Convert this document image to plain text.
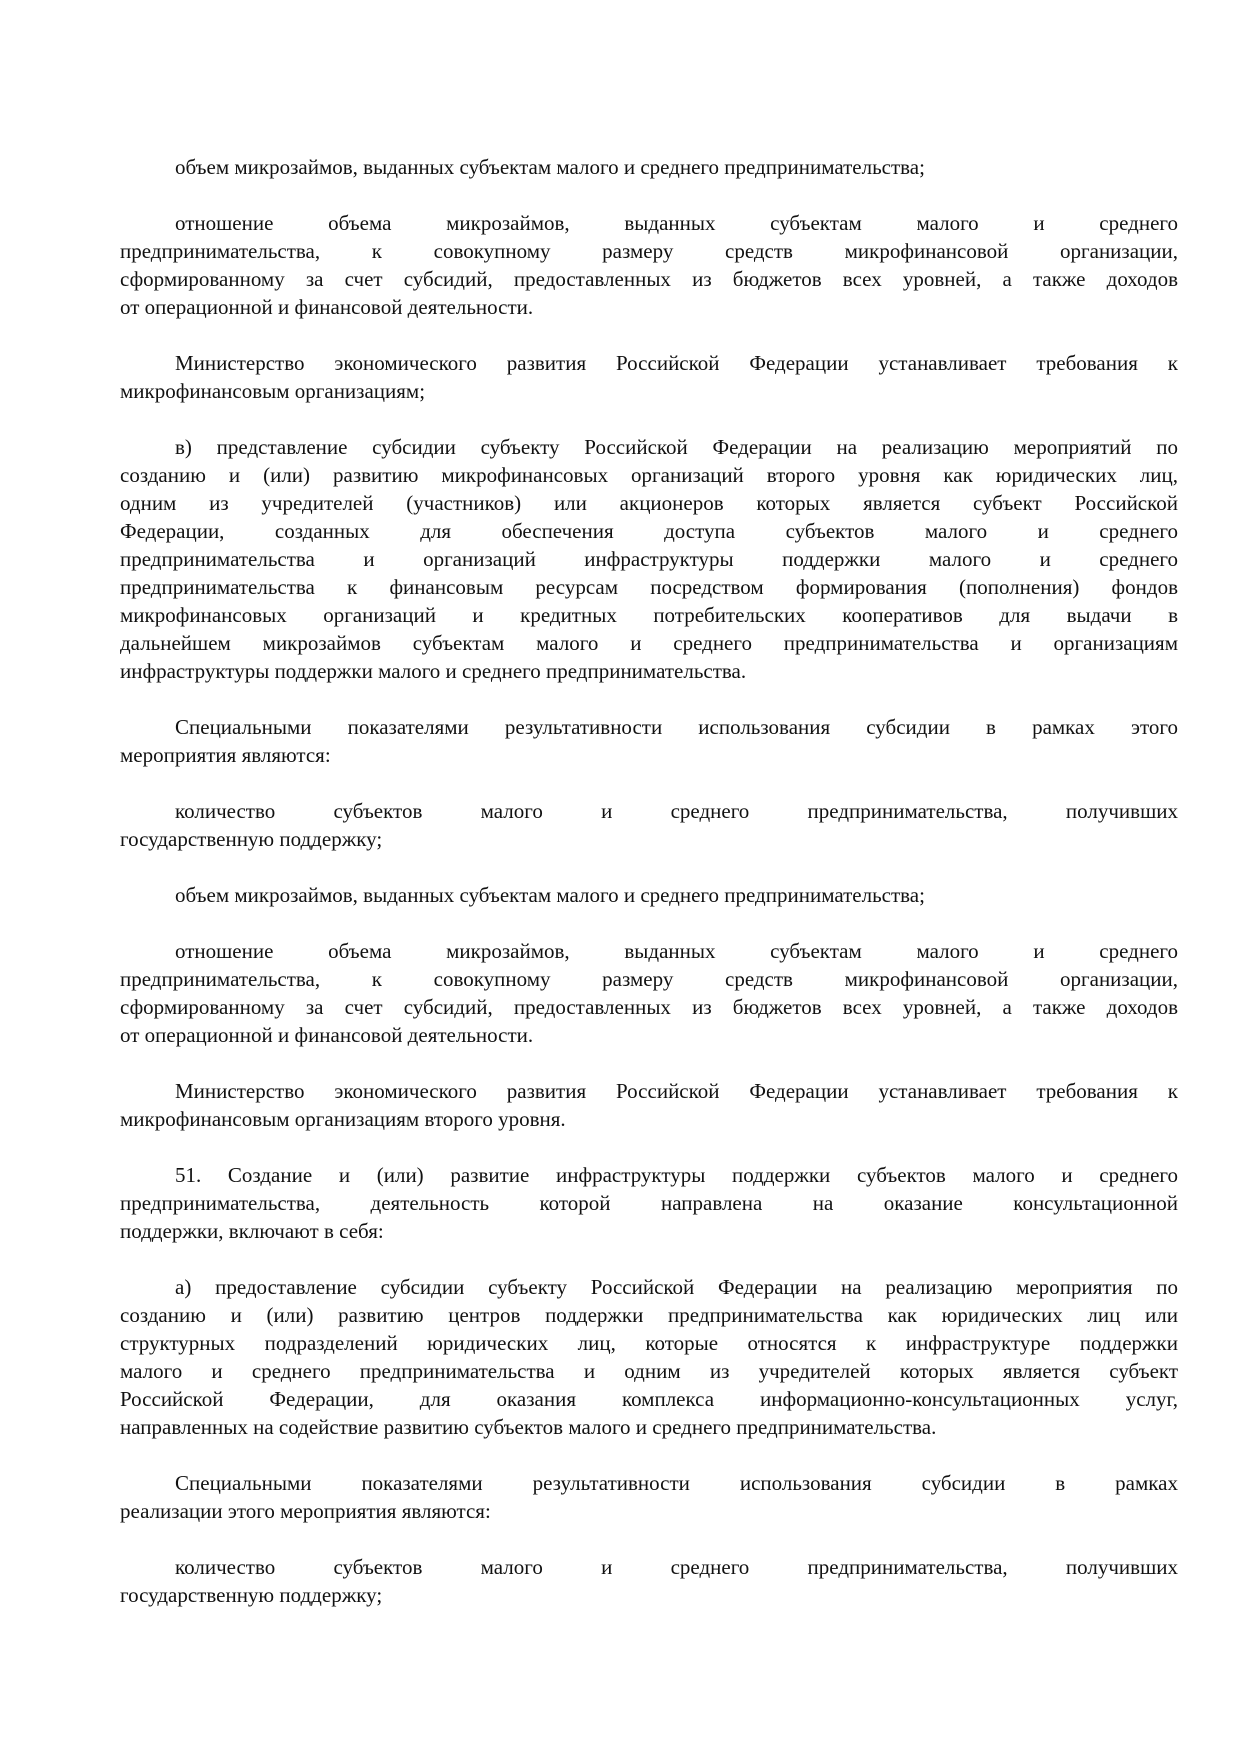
объем микрозаймов, выданных субъектам малого и среднего предпринимательства;
отношение объема микрозаймов, выданных субъектам малого и среднего
предпринимательства, к совокупному размеру средств микрофинансовой организации,
сформированному за счет субсидий, предоставленных из бюджетов всех уровней, а также доходов
от операционной и финансовой деятельности.
Министерство экономического развития Российской Федерации устанавливает требования к
микрофинансовым организациям;
в) представление субсидии субъекту Российской Федерации на реализацию мероприятий по
созданию и (или) развитию микрофинансовых организаций второго уровня как юридических лиц,
одним из учредителей (участников) или акционеров которых является субъект Российской
Федерации, созданных для обеспечения доступа субъектов малого и среднего
предпринимательства и организаций инфраструктуры поддержки малого и среднего
предпринимательства к финансовым ресурсам посредством формирования (пополнения) фондов
микрофинансовых организаций и кредитных потребительских кооперативов для выдачи в
дальнейшем микрозаймов субъектам малого и среднего предпринимательства и организациям
инфраструктуры поддержки малого и среднего предпринимательства.
Специальными показателями результативности использования субсидии в рамках этого
мероприятия являются:
количество субъектов малого и среднего предпринимательства, получивших
государственную поддержку;
объем микрозаймов, выданных субъектам малого и среднего предпринимательства;
отношение объема микрозаймов, выданных субъектам малого и среднего
предпринимательства, к совокупному размеру средств микрофинансовой организации,
сформированному за счет субсидий, предоставленных из бюджетов всех уровней, а также доходов
от операционной и финансовой деятельности.
Министерство экономического развития Российской Федерации устанавливает требования к
микрофинансовым организациям второго уровня.
51. Создание и (или) развитие инфраструктуры поддержки субъектов малого и среднего
предпринимательства, деятельность которой направлена на оказание консультационной
поддержки, включают в себя:
а) предоставление субсидии субъекту Российской Федерации на реализацию мероприятия по
созданию и (или) развитию центров поддержки предпринимательства как юридических лиц или
структурных подразделений юридических лиц, которые относятся к инфраструктуре поддержки
малого и среднего предпринимательства и одним из учредителей которых является субъект
Российской Федерации, для оказания комплекса информационно-консультационных услуг,
направленных на содействие развитию субъектов малого и среднего предпринимательства.
Специальными показателями результативности использования субсидии в рамках
реализации этого мероприятия являются:
количество субъектов малого и среднего предпринимательства, получивших
государственную поддержку;
